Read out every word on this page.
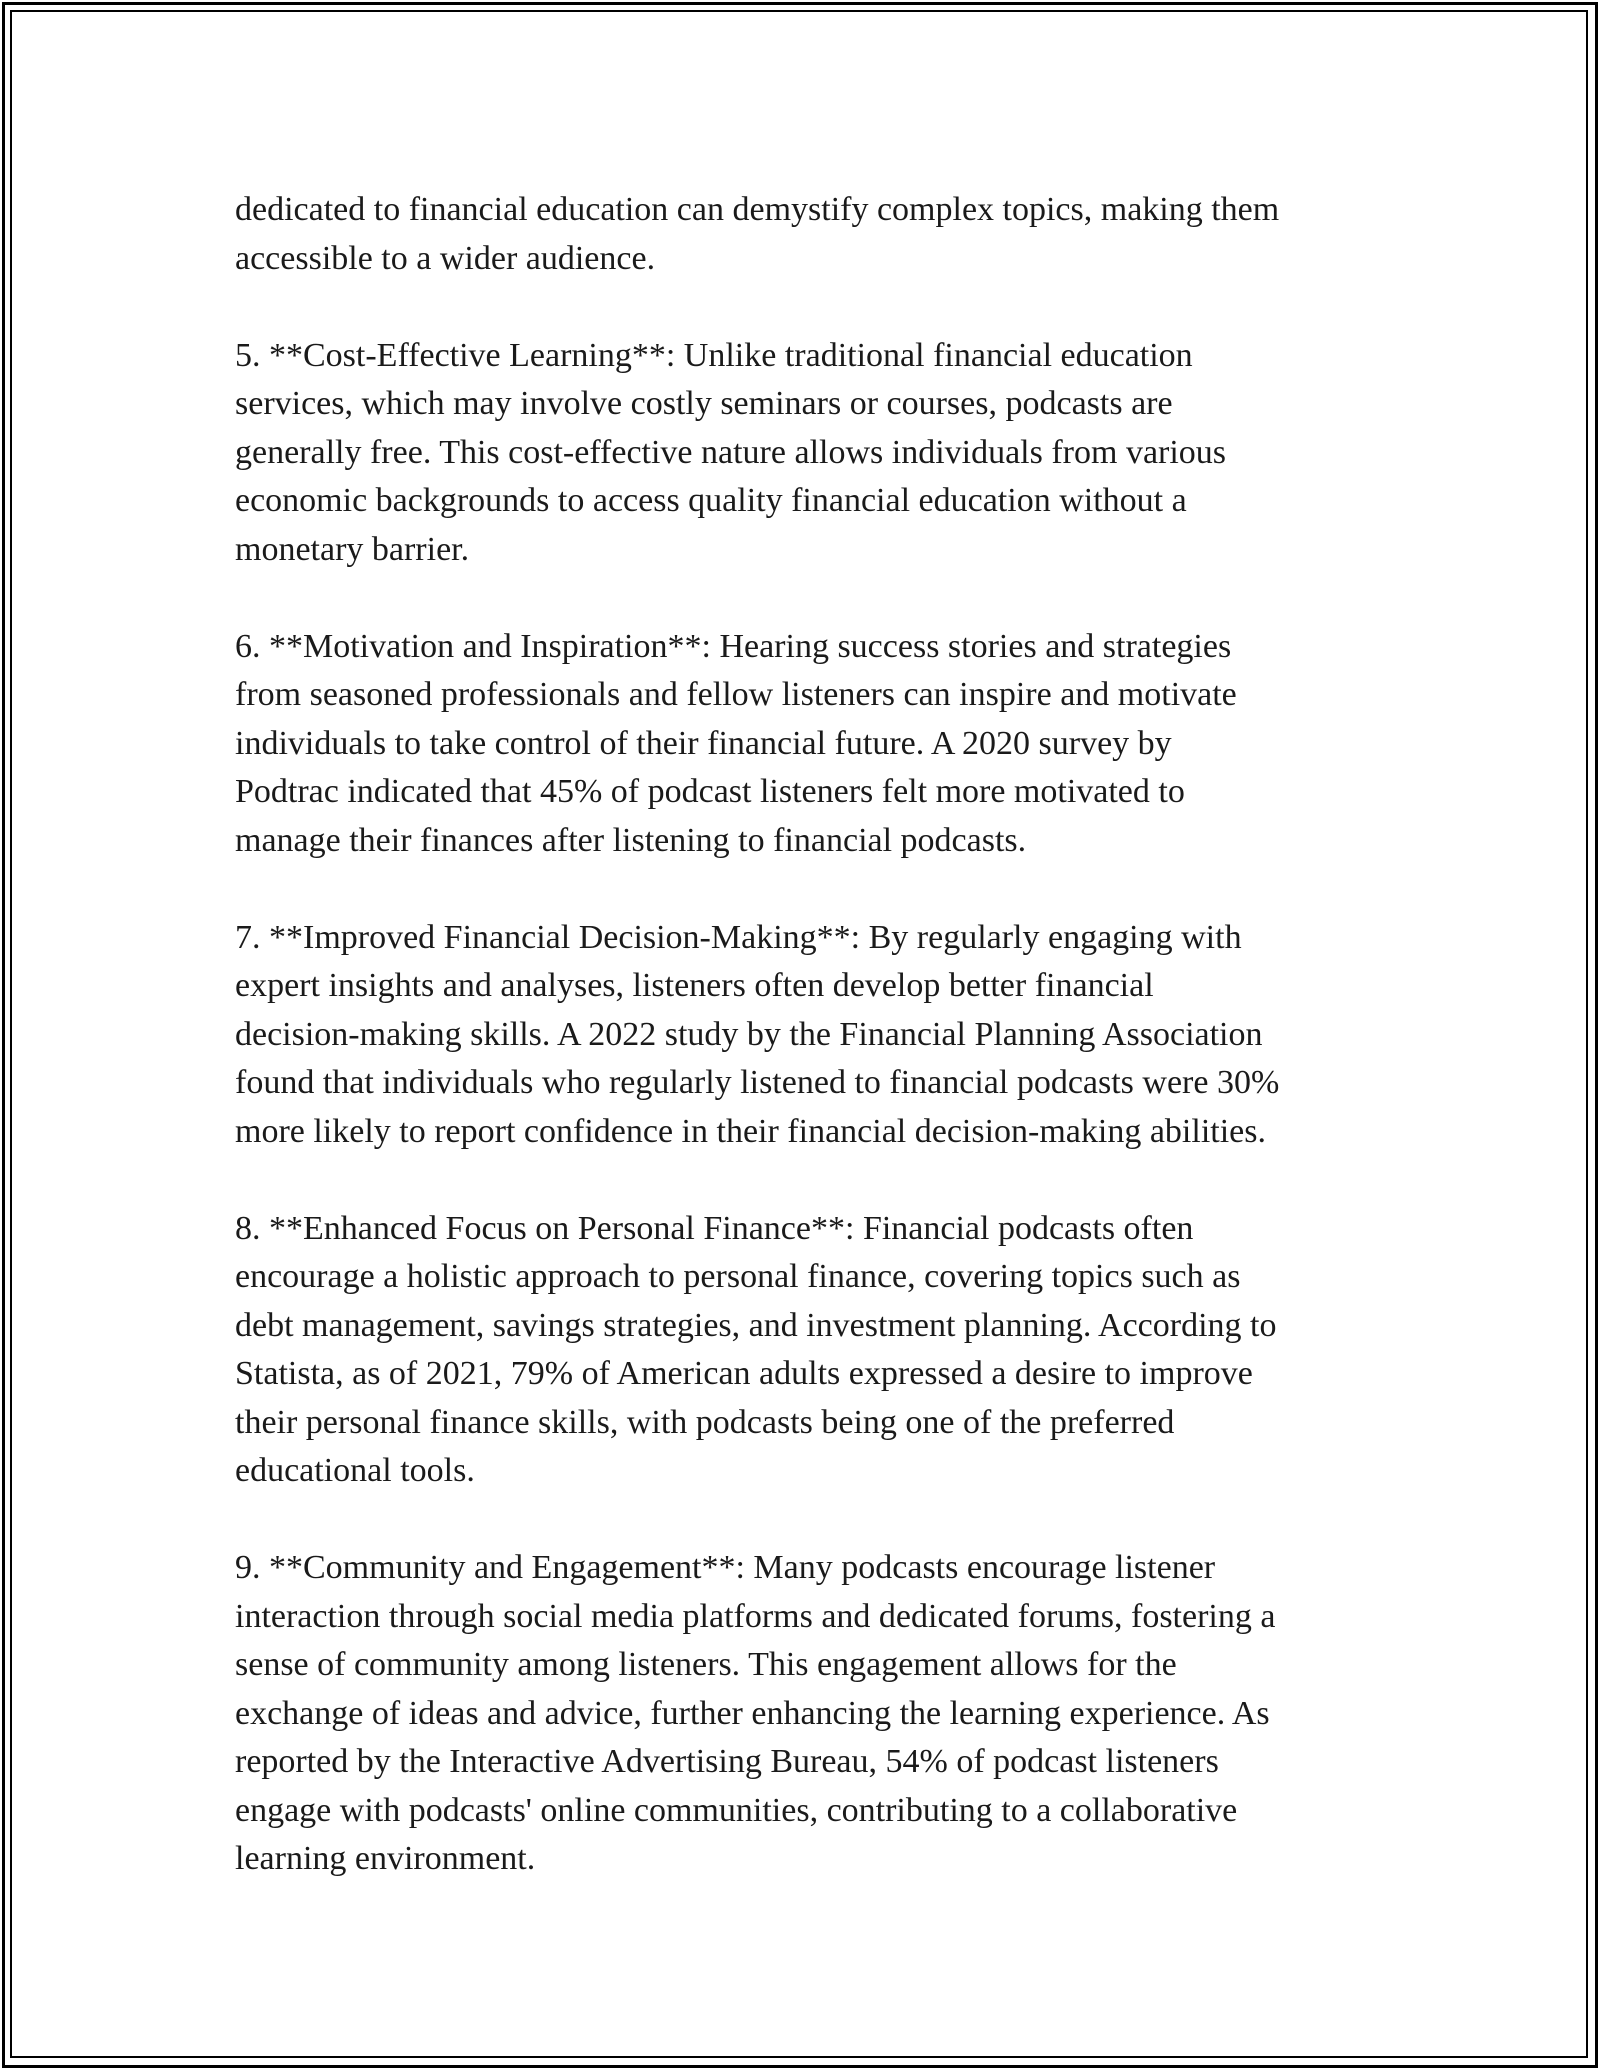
dedicated to financial education can demystify complex topics, making them
accessible to a wider audience.

5. **Cost-Effective Learning**: Unlike traditional financial education
services, which may involve costly seminars or courses, podcasts are
generally free. This cost-effective nature allows individuals from various
economic backgrounds to access quality financial education without a
monetary barrier.

6. **Motivation and Inspiration**: Hearing success stories and strategies
from seasoned professionals and fellow listeners can inspire and motivate
individuals to take control of their financial future. A 2020 survey by
Podtrac indicated that 45% of podcast listeners felt more motivated to
manage their finances after listening to financial podcasts.

7. **Improved Financial Decision-Making**: By regularly engaging with
expert insights and analyses, listeners often develop better financial
decision-making skills. A 2022 study by the Financial Planning Association
found that individuals who regularly listened to financial podcasts were 30%
more likely to report confidence in their financial decision-making abilities.

8. **Enhanced Focus on Personal Finance**: Financial podcasts often
encourage a holistic approach to personal finance, covering topics such as
debt management, savings strategies, and investment planning. According to
Statista, as of 2021, 79% of American adults expressed a desire to improve
their personal finance skills, with podcasts being one of the preferred
educational tools.

9. **Community and Engagement**: Many podcasts encourage listener
interaction through social media platforms and dedicated forums, fostering a
sense of community among listeners. This engagement allows for the
exchange of ideas and advice, further enhancing the learning experience. As
reported by the Interactive Advertising Bureau, 54% of podcast listeners
engage with podcasts' online communities, contributing to a collaborative
learning environment.
